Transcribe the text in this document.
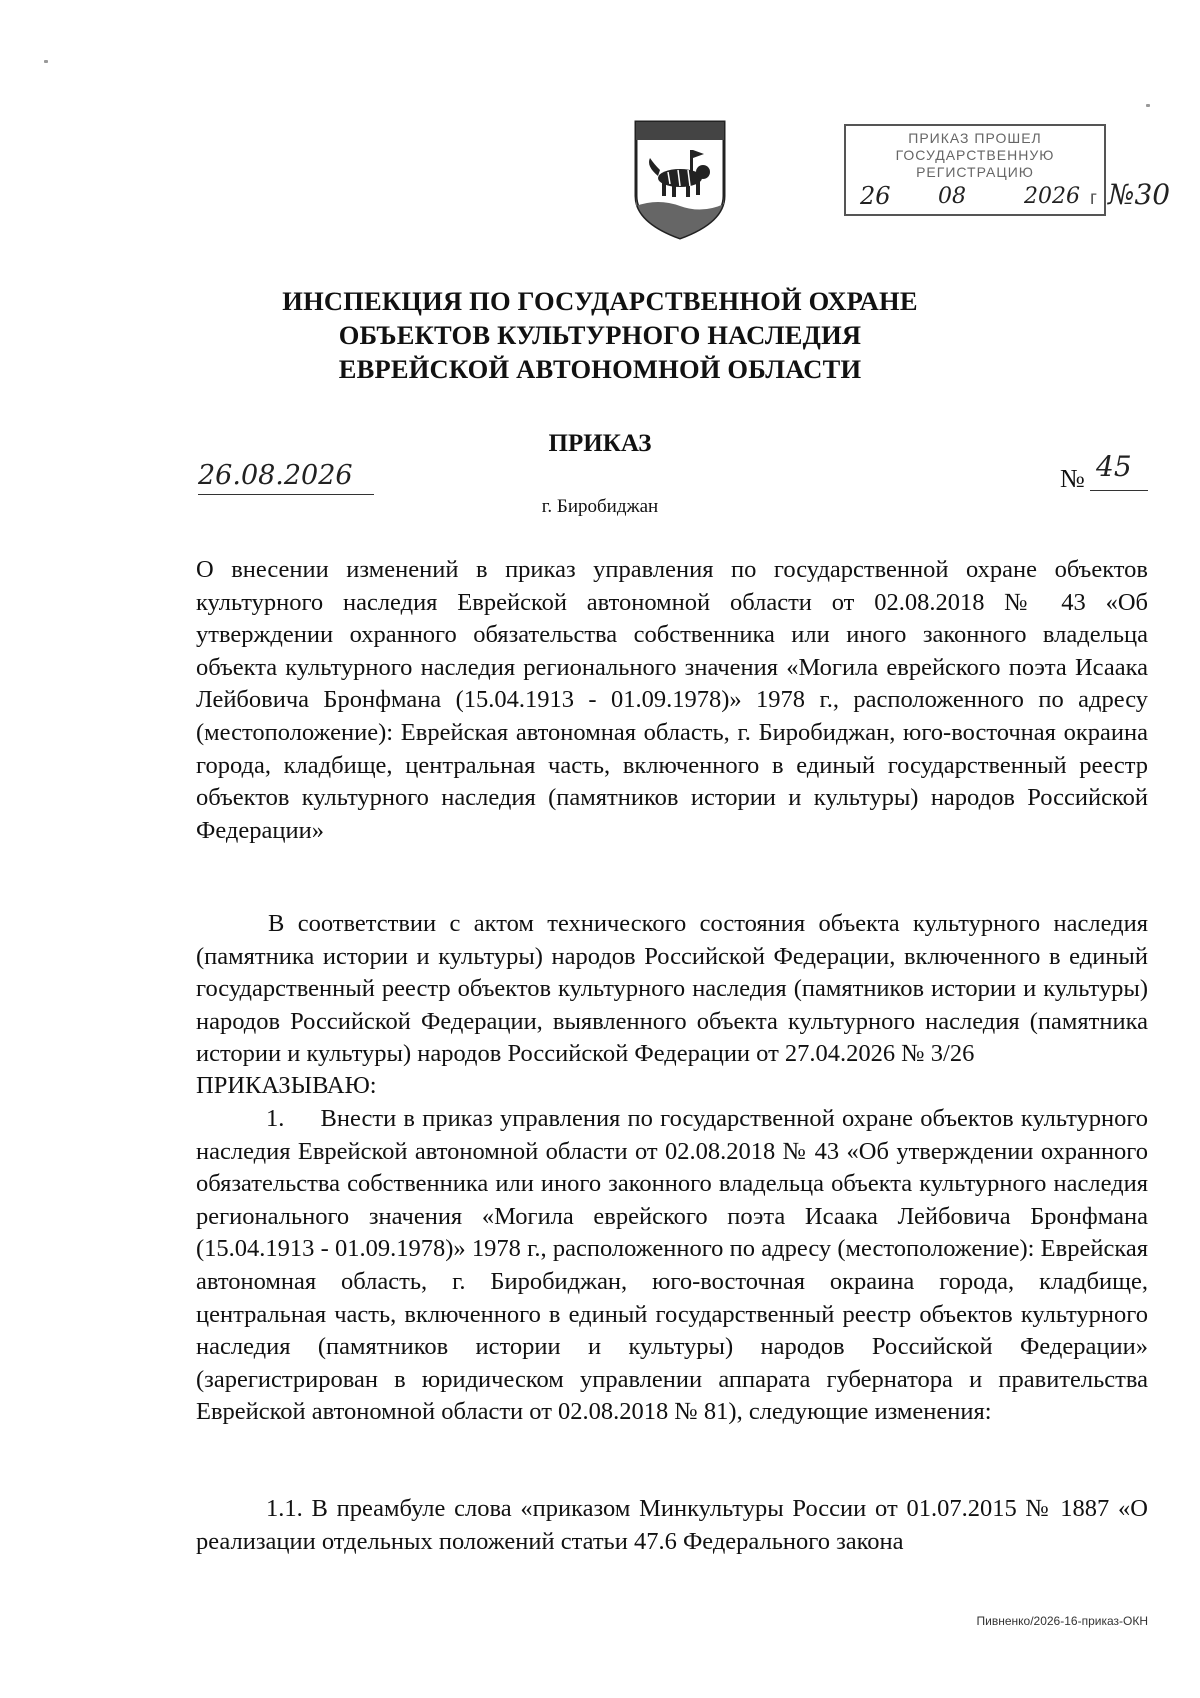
ПРИКАЗ ПРОШЕЛ
ГОСУДАРСТВЕННУЮ
РЕГИСТРАЦИЮ
26 08	2026 г №30
ИНСПЕКЦИЯ ПО ГОСУДАРСТВЕННОЙ ОХРАНЕ
ОБЪЕКТОВ КУЛЬТУРНОГО НАСЛЕДИЯ
ЕВРЕЙСКОЙ АВТОНОМНОЙ ОБЛАСТИ
ПРИКАЗ
26.08.2026	№ 45
г. Биробиджан

О внесении изменений в приказ управления по государственной охране объектов культурного наследия Еврейской автономной области от 02.08.2018 № 43 «Об утверждении охранного обязательства собственника или иного законного владельца объекта культурного наследия регионального значения «Могила еврейского поэта Исаака Лейбовича Бронфмана (15.04.1913 - 01.09.1978)» 1978 г., расположенного по адресу (местоположение): Еврейская автономная область, г. Биробиджан, юго-восточная окраина города, кладбище, центральная часть, включенного в единый государственный реестр объектов культурного наследия (памятников истории и культуры) народов Российской Федерации»

В соответствии с актом технического состояния объекта культурного наследия (памятника истории и культуры) народов Российской Федерации, включенного в единый государственный реестр объектов культурного наследия (памятников истории и культуры) народов Российской Федерации, выявленного объекта культурного наследия (памятника истории и культуры) народов Российской Федерации от 27.04.2026 № 3/26

ПРИКАЗЫВАЮ:

1. Внести в приказ управления по государственной охране объектов культурного наследия Еврейской автономной области от 02.08.2018 № 43 «Об утверждении охранного обязательства собственника или иного законного владельца объекта культурного наследия регионального значения «Могила еврейского поэта Исаака Лейбовича Бронфмана (15.04.1913 - 01.09.1978)» 1978 г., расположенного по адресу (местоположение): Еврейская автономная область, г. Биробиджан, юго-восточная окраина города, кладбище, центральная часть, включенного в единый государственный реестр объектов культурного наследия (памятников истории и культуры) народов Российской Федерации» (зарегистрирован в юридическом управлении аппарата губернатора и правительства Еврейской автономной области от 02.08.2018 № 81), следующие изменения:

1.1. В преамбуле слова «приказом Минкультуры России от 01.07.2015 № 1887 «О реализации отдельных положений статьи 47.6 Федерального закона

Пивненко/2026-16-приказ-ОКН
